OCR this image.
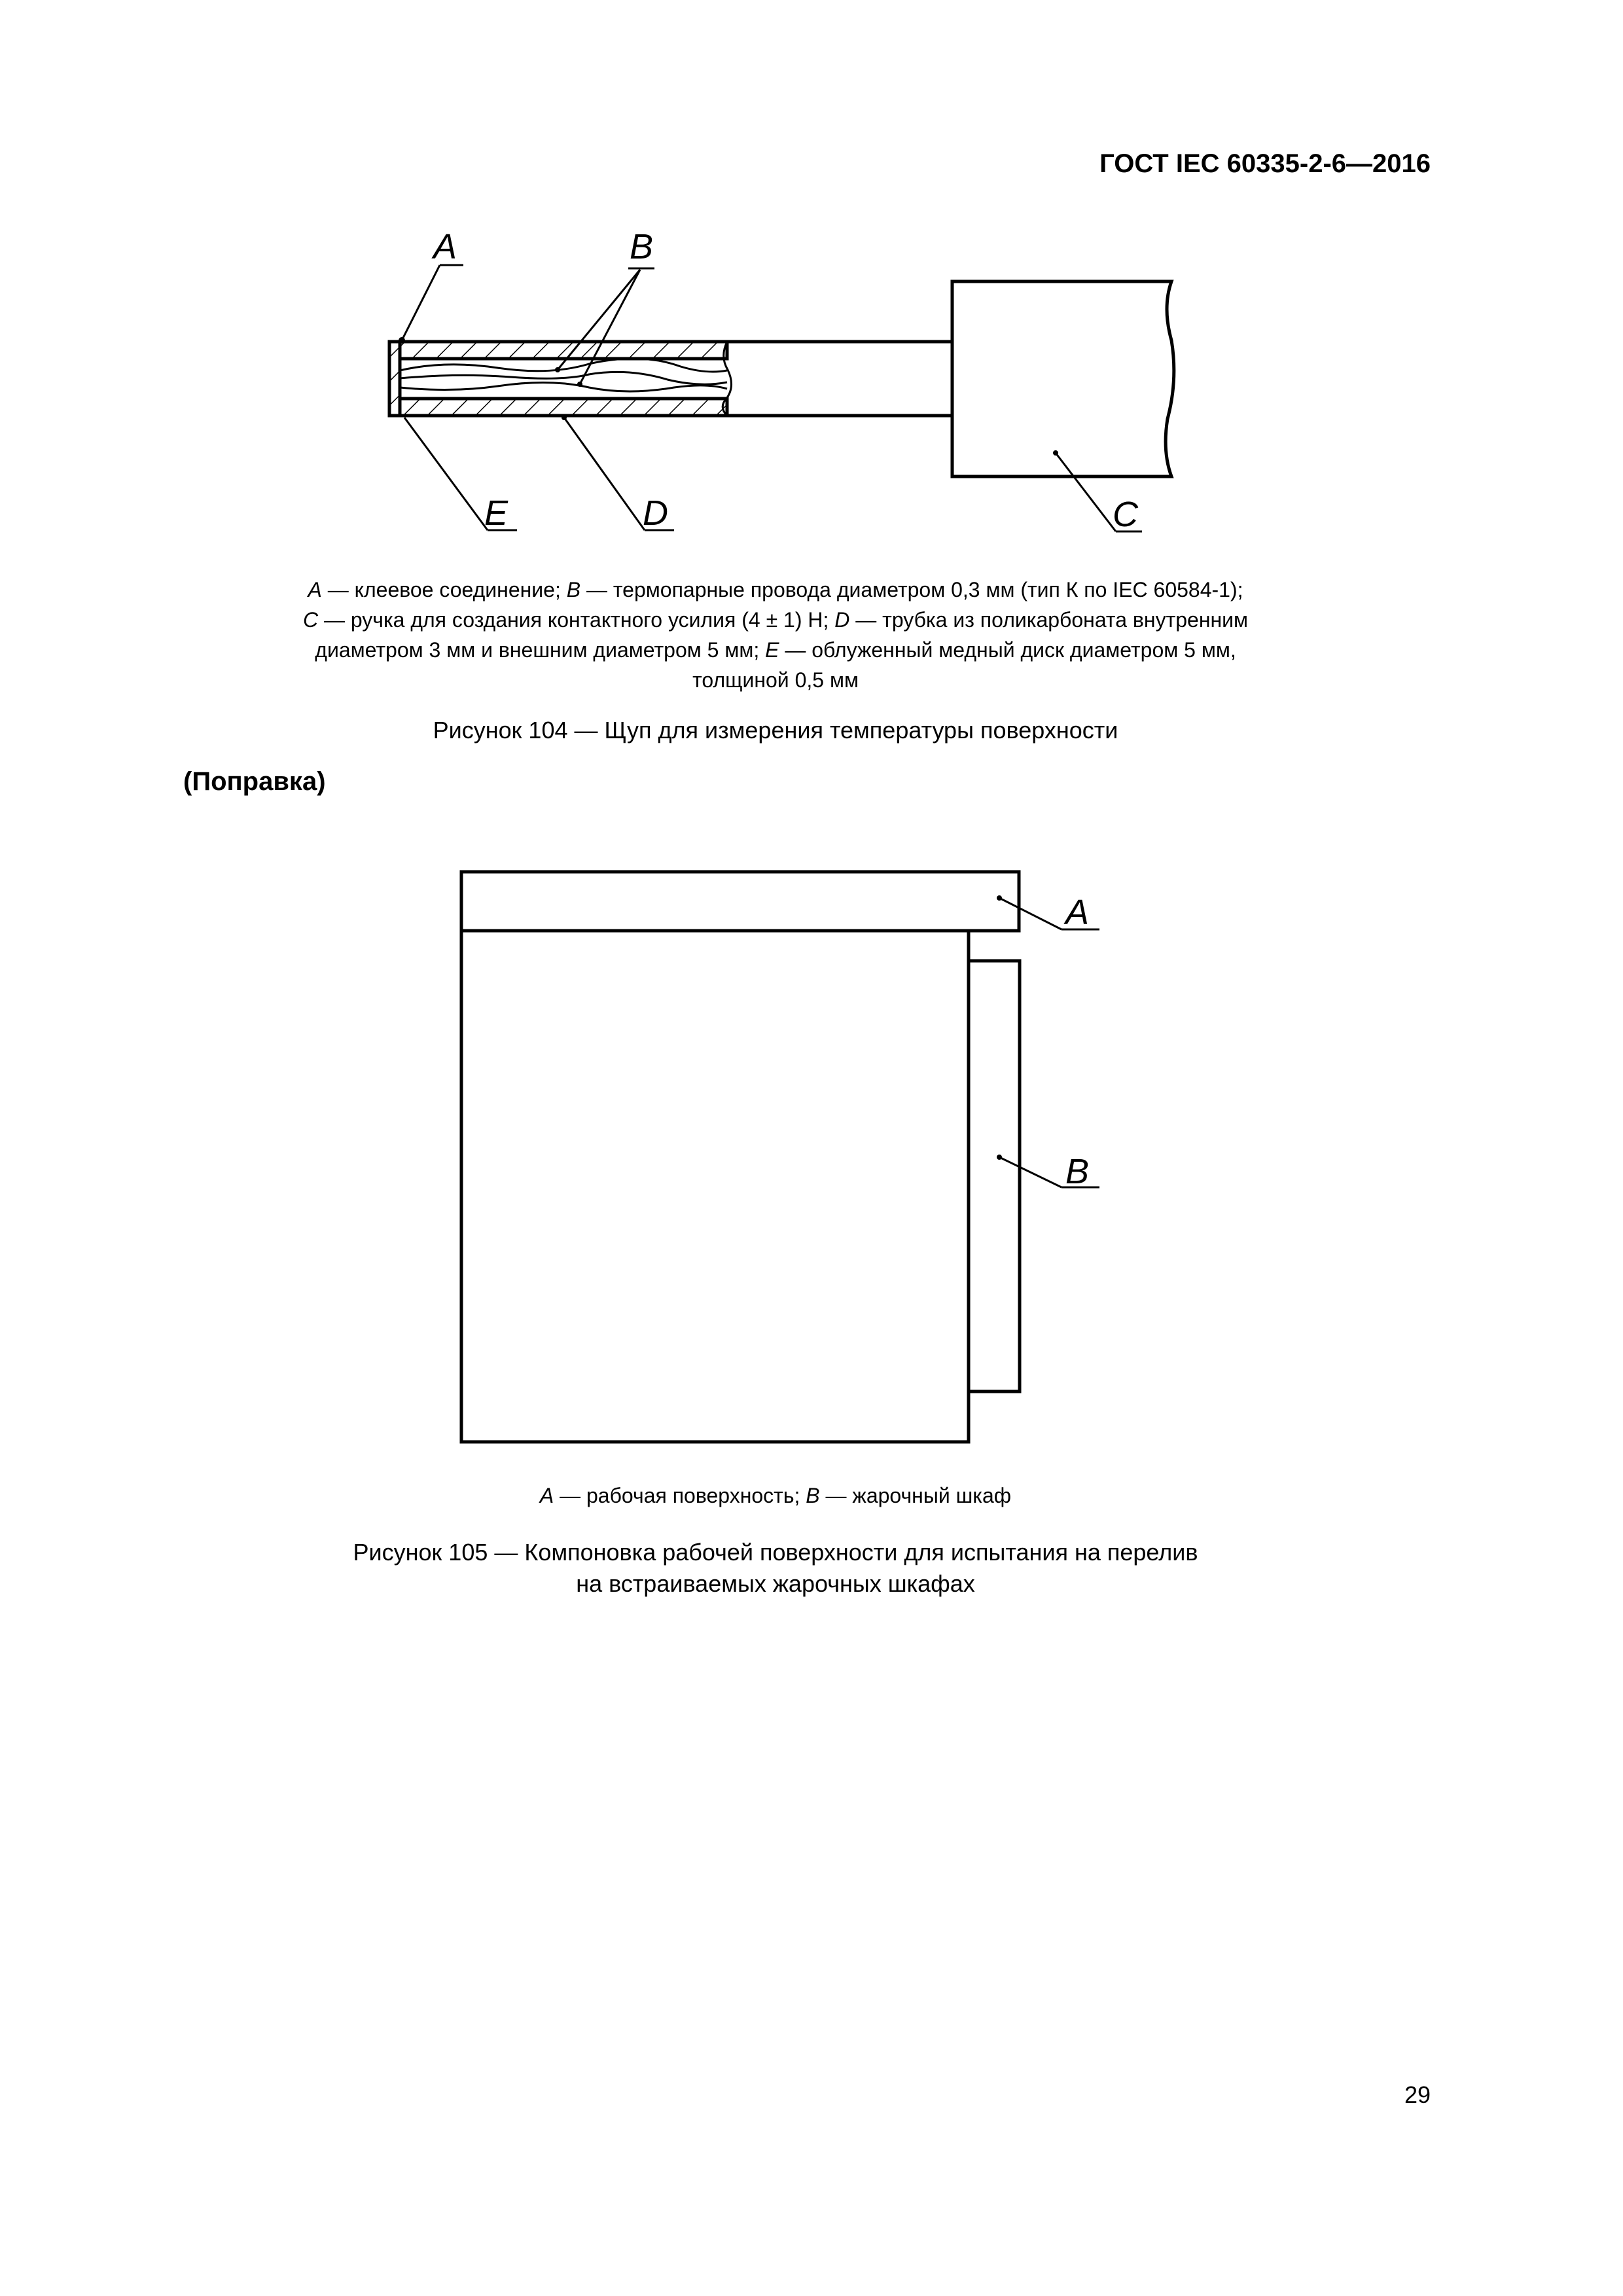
ГОСТ IEC 60335-2-6—2016
A	B
E	D	C
A — клеевое соединение; B — термопарные провода диаметром 0,3 мм (тип К по IEC 60584-1);
C — ручка для создания контактного усилия (4 ± 1) Н; D — трубка из поликарбоната внутренним
диаметром 3 мм и внешним диаметром 5 мм; E — облуженный медный диск диаметром 5 мм,
толщиной 0,5 мм
Рисунок 104 — Щуп для измерения температуры поверхности
(Поправка)
A
B
A — рабочая поверхность; B — жарочный шкаф
Рисунок 105 — Компоновка рабочей поверхности для испытания на перелив
на встраиваемых жарочных шкафах
29
